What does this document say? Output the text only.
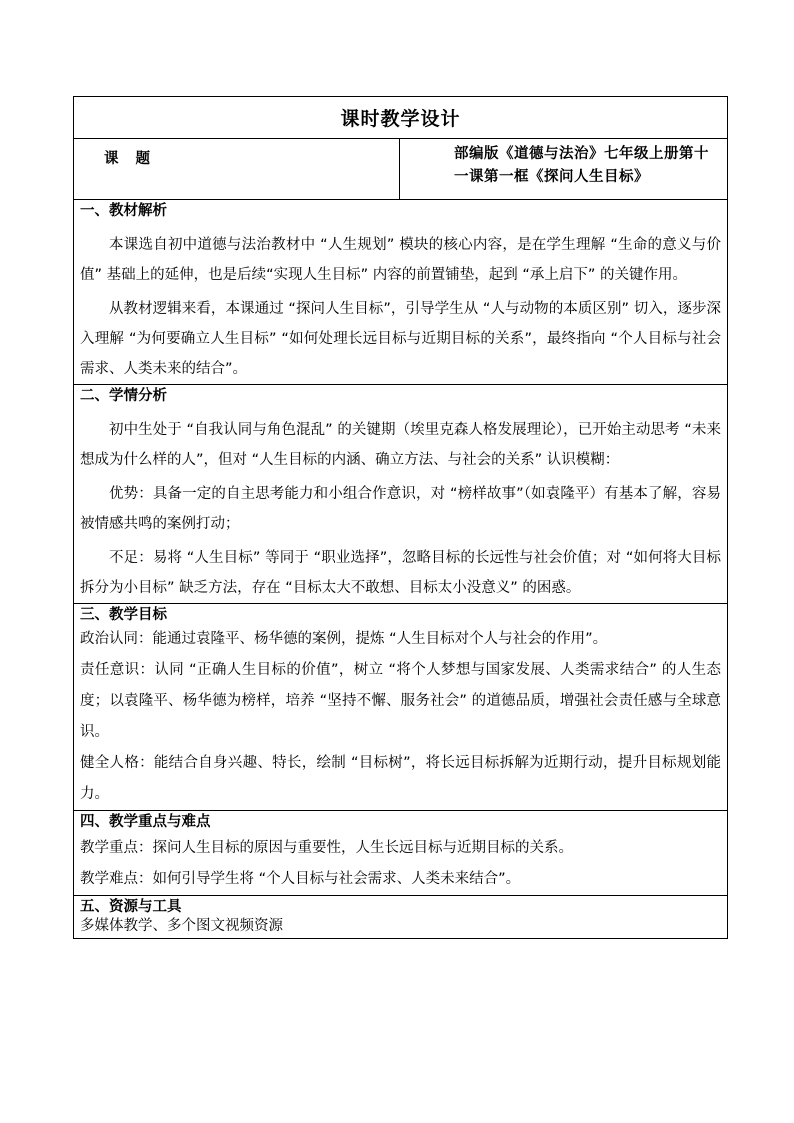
课时教学设计
课 题	部编版《道德与法治》七年级上册第十一课第一框《探问人生目标》

一、教材解析

本课选自初中道德与法治教材中 “人生规划” 模块的核心内容，是在学生理解 “生命的意义与价值” 基础上的延伸，也是后续“实现人生目标” 内容的前置铺垫，起到 “承上启下” 的关键作用。

从教材逻辑来看，本课通过 “探问人生目标”，引导学生从 “人与动物的本质区别” 切入，逐步深入理解 “为何要确立人生目标” “如何处理长远目标与近期目标的关系”，最终指向 “个人目标与社会需求、人类未来的结合”。

二、学情分析

初中生处于 “自我认同与角色混乱” 的关键期（埃里克森人格发展理论），已开始主动思考 “未来想成为什么样的人”，但对 “人生目标的内涵、确立方法、与社会的关系” 认识模糊：

优势：具备一定的自主思考能力和小组合作意识，对 “榜样故事”（如袁隆平）有基本了解，容易被情感共鸣的案例打动；

不足：易将 “人生目标” 等同于 “职业选择”，忽略目标的长远性与社会价值；对 “如何将大目标拆分为小目标” 缺乏方法，存在 “目标太大不敢想、目标太小没意义” 的困惑。

三、教学目标

政治认同：能通过袁隆平、杨华德的案例，提炼 “人生目标对个人与社会的作用”。

责任意识：认同 “正确人生目标的价值”，树立 “将个人梦想与国家发展、人类需求结合” 的人生态度；以袁隆平、杨华德为榜样，培养 “坚持不懈、服务社会” 的道德品质，增强社会责任感与全球意识。

健全人格：能结合自身兴趣、特长，绘制 “目标树”，将长远目标拆解为近期行动，提升目标规划能力。

四、教学重点与难点

教学重点：探问人生目标的原因与重要性，人生长远目标与近期目标的关系。

教学难点：如何引导学生将 “个人目标与社会需求、人类未来结合”。

五、资源与工具

多媒体教学、多个图文视频资源
